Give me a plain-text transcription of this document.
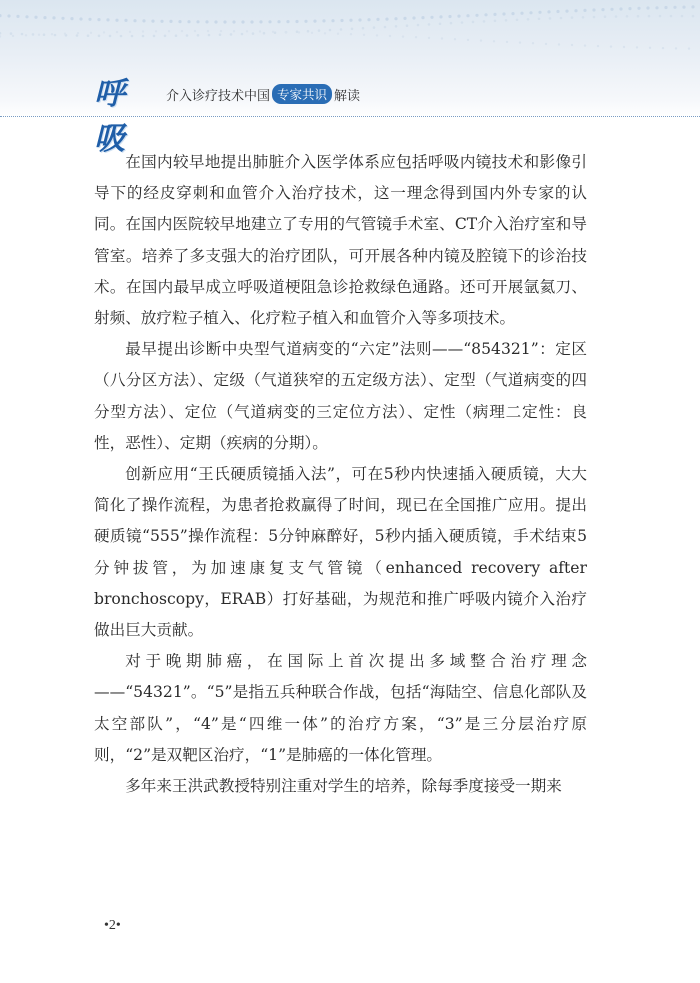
呼吸
介入诊疗技术中国 专家共识 解读

在国内较早地提出肺脏介入医学体系应包括呼吸内镜技术和影像引导下的经皮穿刺和血管介入治疗技术，这一理念得到国内外专家的认同。在国内医院较早地建立了专用的气管镜手术室、CT介入治疗室和导管室。培养了多支强大的治疗团队，可开展各种内镜及腔镜下的诊治技术。在国内最早成立呼吸道梗阻急诊抢救绿色通路。还可开展氩氦刀、射频、放疗粒子植入、化疗粒子植入和血管介入等多项技术。

最早提出诊断中央型气道病变的“六定”法则——“854321”：定区（八分区方法）、定级（气道狭窄的五定级方法）、定型（气道病变的四分型方法）、定位（气道病变的三定位方法）、定性（病理二定性：良性，恶性）、定期（疾病的分期）。

创新应用“王氏硬质镜插入法”，可在5秒内快速插入硬质镜，大大简化了操作流程，为患者抢救赢得了时间，现已在全国推广应用。提出硬质镜“555”操作流程：5分钟麻醉好，5秒内插入硬质镜，手术结束5分钟拔管，为加速康复支气管镜（enhanced recovery after bronchoscopy，ERAB）打好基础，为规范和推广呼吸内镜介入治疗做出巨大贡献。

对于晚期肺癌，在国际上首次提出多域整合治疗理念——“54321”。“5”是指五兵种联合作战，包括“海陆空、信息化部队及太空部队”，“4”是“四维一体”的治疗方案，“3”是三分层治疗原则，“2”是双靶区治疗，“1”是肺癌的一体化管理。

多年来王洪武教授特别注重对学生的培养，除每季度接受一期来

•2•
